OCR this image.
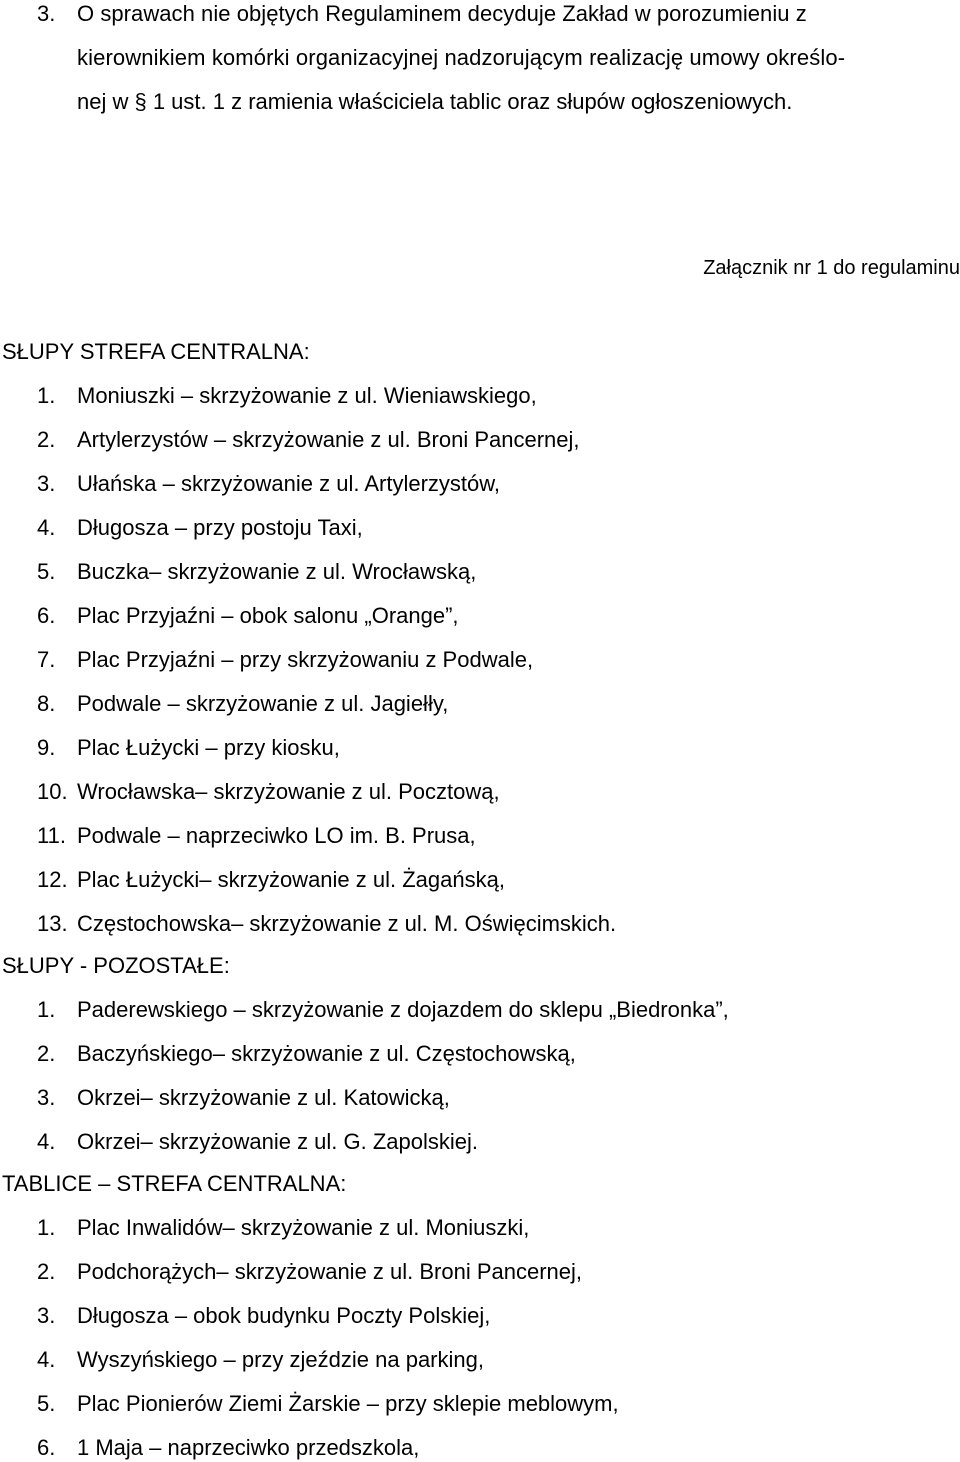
3. O sprawach nie objętych Regulaminem decyduje Zakład w porozumieniu z
kierownikiem komórki organizacyjnej nadzorującym realizację umowy określo-
nej w § 1 ust. 1 z ramienia właściciela tablic oraz słupów ogłoszeniowych.
Załącznik nr 1 do regulaminu
SŁUPY STREFA CENTRALNA:
1. Moniuszki – skrzyżowanie z ul. Wieniawskiego,
2. Artylerzystów – skrzyżowanie z ul. Broni Pancernej,
3. Ułańska – skrzyżowanie z ul. Artylerzystów,
4. Długosza – przy postoju Taxi,
5. Buczka– skrzyżowanie z ul. Wrocławską,
6. Plac Przyjaźni – obok salonu „Orange”,
7. Plac Przyjaźni – przy skrzyżowaniu z Podwale,
8. Podwale – skrzyżowanie z ul. Jagiełły,
9. Plac Łużycki – przy kiosku,
10. Wrocławska– skrzyżowanie z ul. Pocztową,
11. Podwale – naprzeciwko LO im. B. Prusa,
12. Plac Łużycki– skrzyżowanie z ul. Żagańską,
13. Częstochowska– skrzyżowanie z ul. M. Oświęcimskich.
SŁUPY - POZOSTAŁE:
1. Paderewskiego – skrzyżowanie z dojazdem do sklepu „Biedronka”,
2. Baczyńskiego– skrzyżowanie z ul. Częstochowską,
3. Okrzei– skrzyżowanie z ul. Katowicką,
4. Okrzei– skrzyżowanie z ul. G. Zapolskiej.
TABLICE – STREFA CENTRALNA:
1. Plac Inwalidów– skrzyżowanie z ul. Moniuszki,
2. Podchorążych– skrzyżowanie z ul. Broni Pancernej,
3. Długosza – obok budynku Poczty Polskiej,
4. Wyszyńskiego – przy zjeździe na parking,
5. Plac Pionierów Ziemi Żarskie – przy sklepie meblowym,
6. 1 Maja – naprzeciwko przedszkola,
